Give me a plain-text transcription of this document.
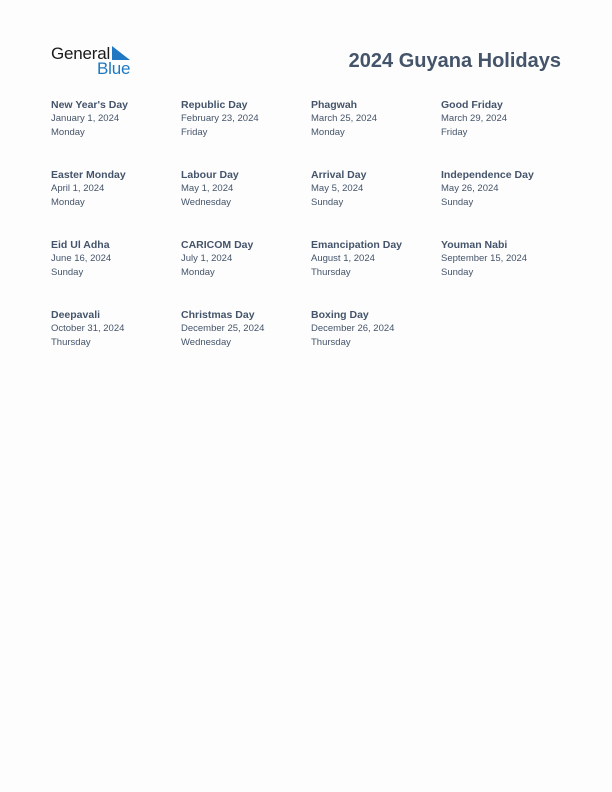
General
Blue	2024 Guyana Holidays
New Year's Day
January 1, 2024
Monday
Republic Day
February 23, 2024
Friday
Phagwah
March 25, 2024
Monday
Good Friday
March 29, 2024
Friday
Easter Monday
April 1, 2024
Monday
Labour Day
May 1, 2024
Wednesday
Arrival Day
May 5, 2024
Sunday
Independence Day
May 26, 2024
Sunday
Eid Ul Adha
June 16, 2024
Sunday
CARICOM Day
July 1, 2024
Monday
Emancipation Day
August 1, 2024
Thursday
Youman Nabi
September 15, 2024
Sunday
Deepavali
October 31, 2024
Thursday
Christmas Day
December 25, 2024
Wednesday
Boxing Day
December 26, 2024
Thursday
